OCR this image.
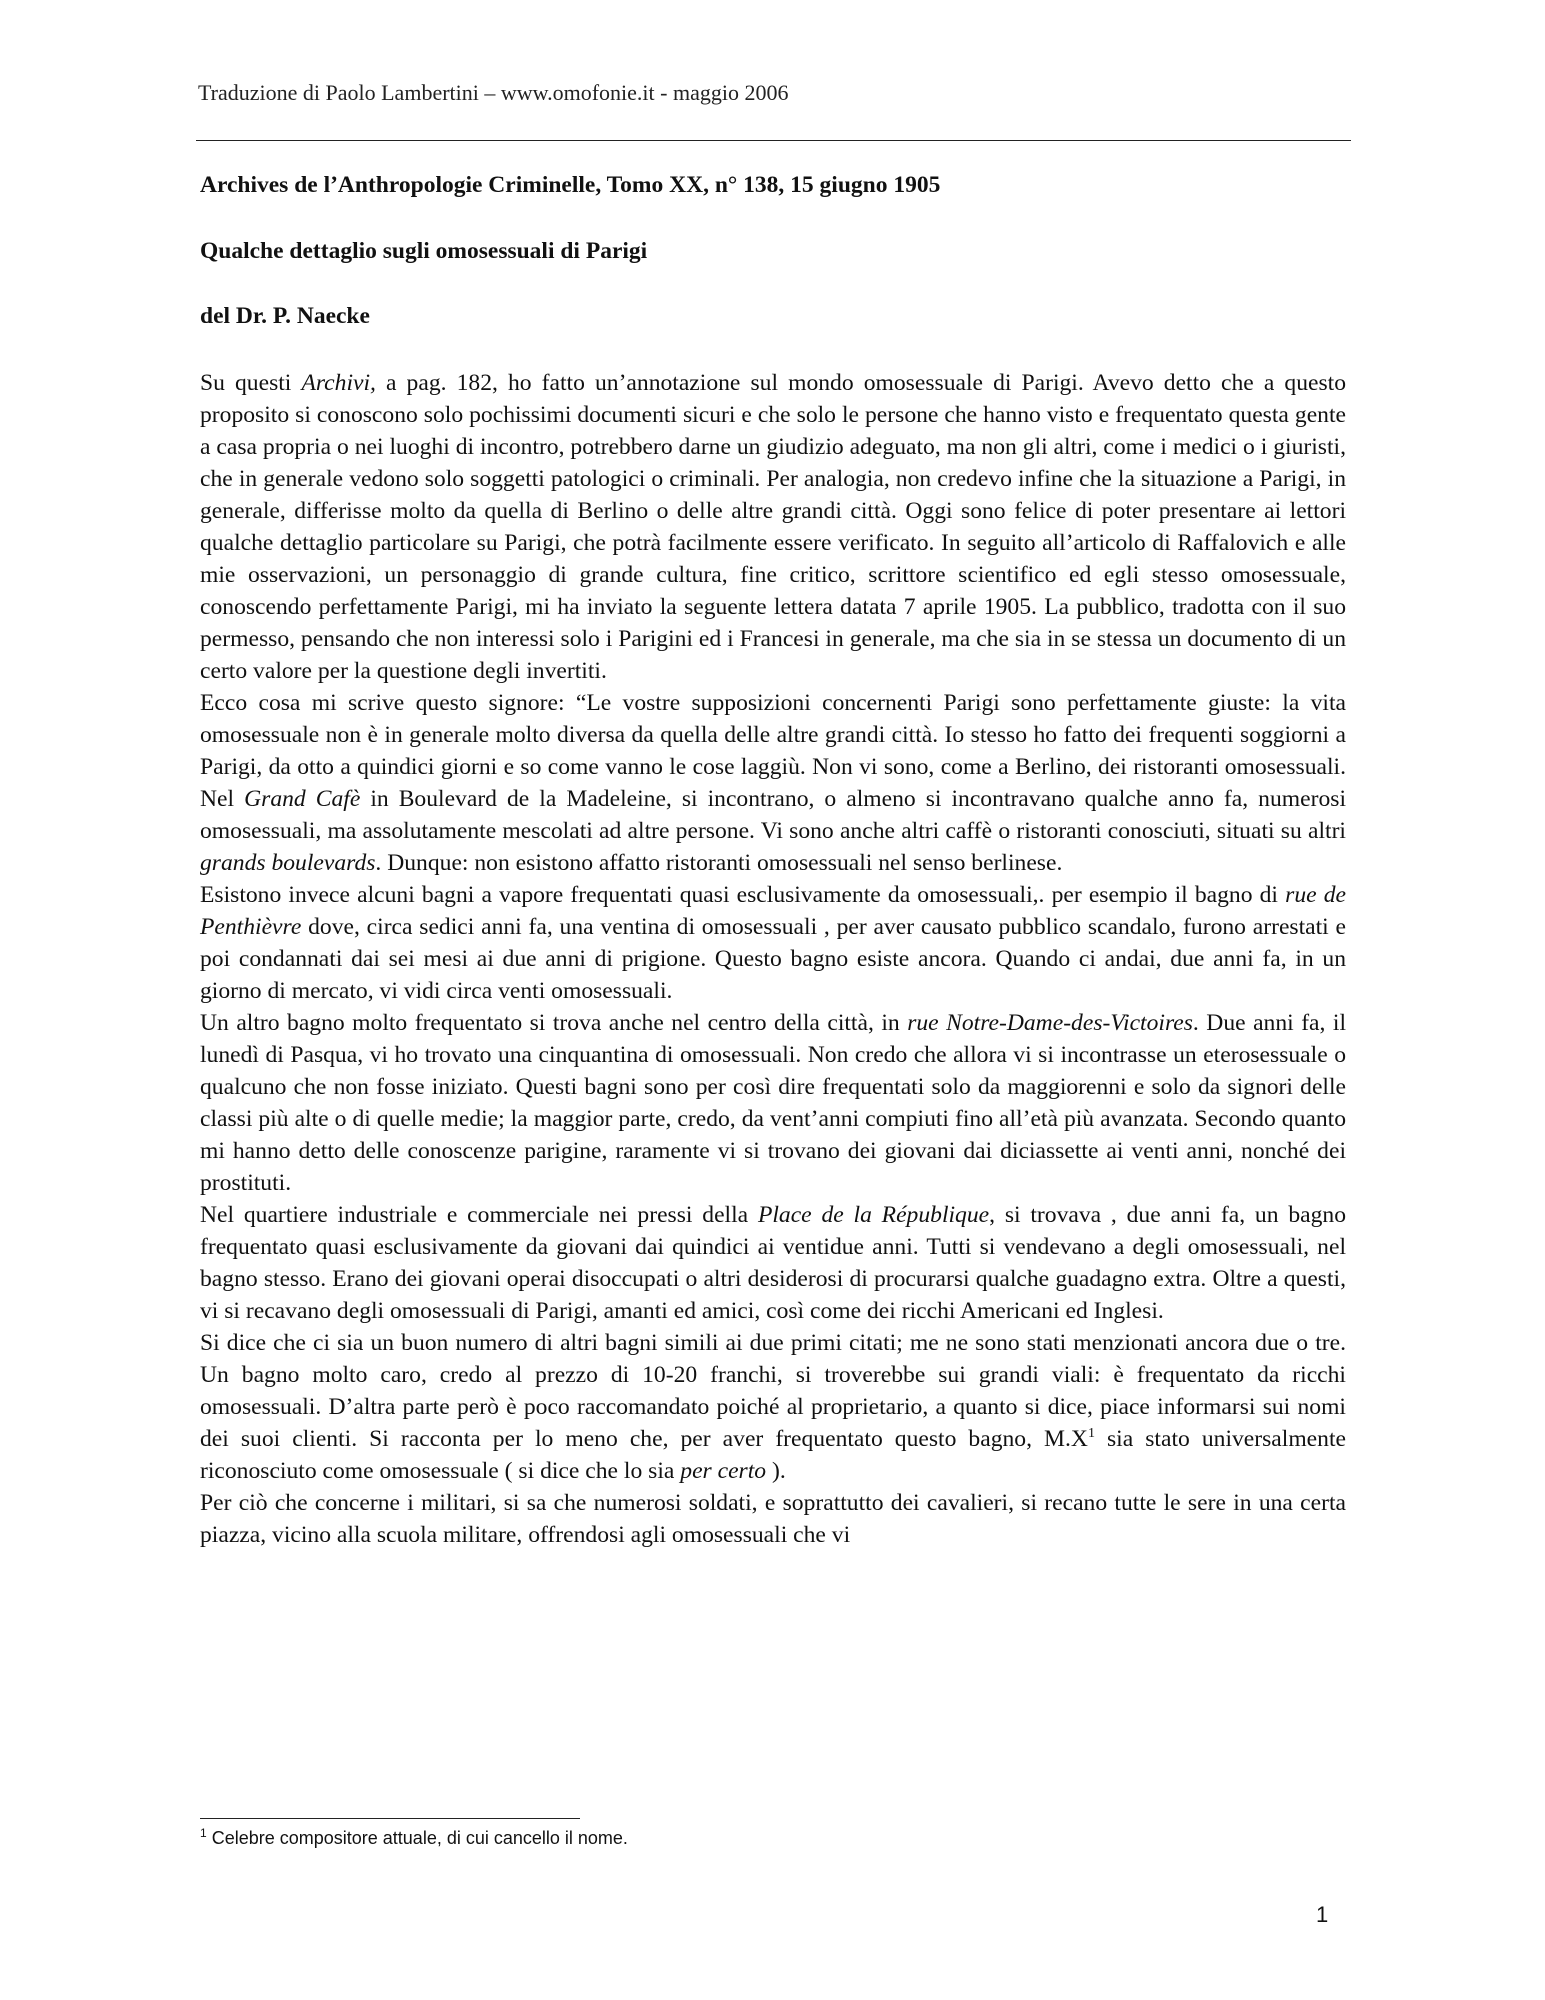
Traduzione di Paolo Lambertini – www.omofonie.it - maggio 2006
Archives de l’Anthropologie Criminelle, Tomo XX, n° 138, 15 giugno 1905
Qualche dettaglio sugli omosessuali di Parigi
del Dr. P. Naecke

Su questi Archivi, a pag. 182, ho fatto un’annotazione sul mondo omosessuale di Parigi. Avevo detto che a questo proposito si conoscono solo pochissimi documenti sicuri e che solo le persone che hanno visto e frequentato questa gente a casa propria o nei luoghi di incontro, potrebbero darne un giudizio adeguato, ma non gli altri, come i medici o i giuristi, che in generale vedono solo soggetti patologici o criminali. Per analogia, non credevo infine che la situazione a Parigi, in generale, differisse molto da quella di Berlino o delle altre grandi città. Oggi sono felice di poter presentare ai lettori qualche dettaglio particolare su Parigi, che potrà facilmente essere verificato. In seguito all’articolo di Raffalovich e alle mie osservazioni, un personaggio di grande cultura, fine critico, scrittore scientifico ed egli stesso omosessuale, conoscendo perfettamente Parigi, mi ha inviato la seguente lettera datata 7 aprile 1905. La pubblico, tradotta con il suo permesso, pensando che non interessi solo i Parigini ed i Francesi in generale, ma che sia in se stessa un documento di un certo valore per la questione degli invertiti.

Ecco cosa mi scrive questo signore: “Le vostre supposizioni concernenti Parigi sono perfettamente giuste: la vita omosessuale non è in generale molto diversa da quella delle altre grandi città. Io stesso ho fatto dei frequenti soggiorni a Parigi, da otto a quindici giorni e so come vanno le cose laggiù. Non vi sono, come a Berlino, dei ristoranti omosessuali. Nel Grand Cafè in Boulevard de la Madeleine, si incontrano, o almeno si incontravano qualche anno fa, numerosi omosessuali, ma assolutamente mescolati ad altre persone. Vi sono anche altri caffè o ristoranti conosciuti, situati su altri grands boulevards. Dunque: non esistono affatto ristoranti omosessuali nel senso berlinese.

Esistono invece alcuni bagni a vapore frequentati quasi esclusivamente da omosessuali,. per esempio il bagno di rue de Penthièvre dove, circa sedici anni fa, una ventina di omosessuali , per aver causato pubblico scandalo, furono arrestati e poi condannati dai sei mesi ai due anni di prigione. Questo bagno esiste ancora. Quando ci andai, due anni fa, in un giorno di mercato, vi vidi circa venti omosessuali.

Un altro bagno molto frequentato si trova anche nel centro della città, in rue Notre-Dame-des-Victoires. Due anni fa, il lunedì di Pasqua, vi ho trovato una cinquantina di omosessuali. Non credo che allora vi si incontrasse un eterosessuale o qualcuno che non fosse iniziato. Questi bagni sono per così dire frequentati solo da maggiorenni e solo da signori delle classi più alte o di quelle medie; la maggior parte, credo, da vent’anni compiuti fino all’età più avanzata. Secondo quanto mi hanno detto delle conoscenze parigine, raramente vi si trovano dei giovani dai diciassette ai venti anni, nonché dei prostituti.

Nel quartiere industriale e commerciale nei pressi della Place de la République, si trovava , due anni fa, un bagno frequentato quasi esclusivamente da giovani dai quindici ai ventidue anni. Tutti si vendevano a degli omosessuali, nel bagno stesso. Erano dei giovani operai disoccupati o altri desiderosi di procurarsi qualche guadagno extra. Oltre a questi, vi si recavano degli omosessuali di Parigi, amanti ed amici, così come dei ricchi Americani ed Inglesi.

Si dice che ci sia un buon numero di altri bagni simili ai due primi citati; me ne sono stati menzionati ancora due o tre. Un bagno molto caro, credo al prezzo di 10-20 franchi, si troverebbe sui grandi viali: è frequentato da ricchi omosessuali. D’altra parte però è poco raccomandato poiché al proprietario, a quanto si dice, piace informarsi sui nomi dei suoi clienti. Si racconta per lo meno che, per aver frequentato questo bagno, $M.X^1$ sia stato universalmente riconosciuto come omosessuale ( si dice che lo sia per certo ).

Per ciò che concerne i militari, si sa che numerosi soldati, e soprattutto dei cavalieri, si recano tutte le sere in una certa piazza, vicino alla scuola militare, offrendosi agli omosessuali che vi

$^1$ Celebre compositore attuale, di cui cancello il nome.
1
